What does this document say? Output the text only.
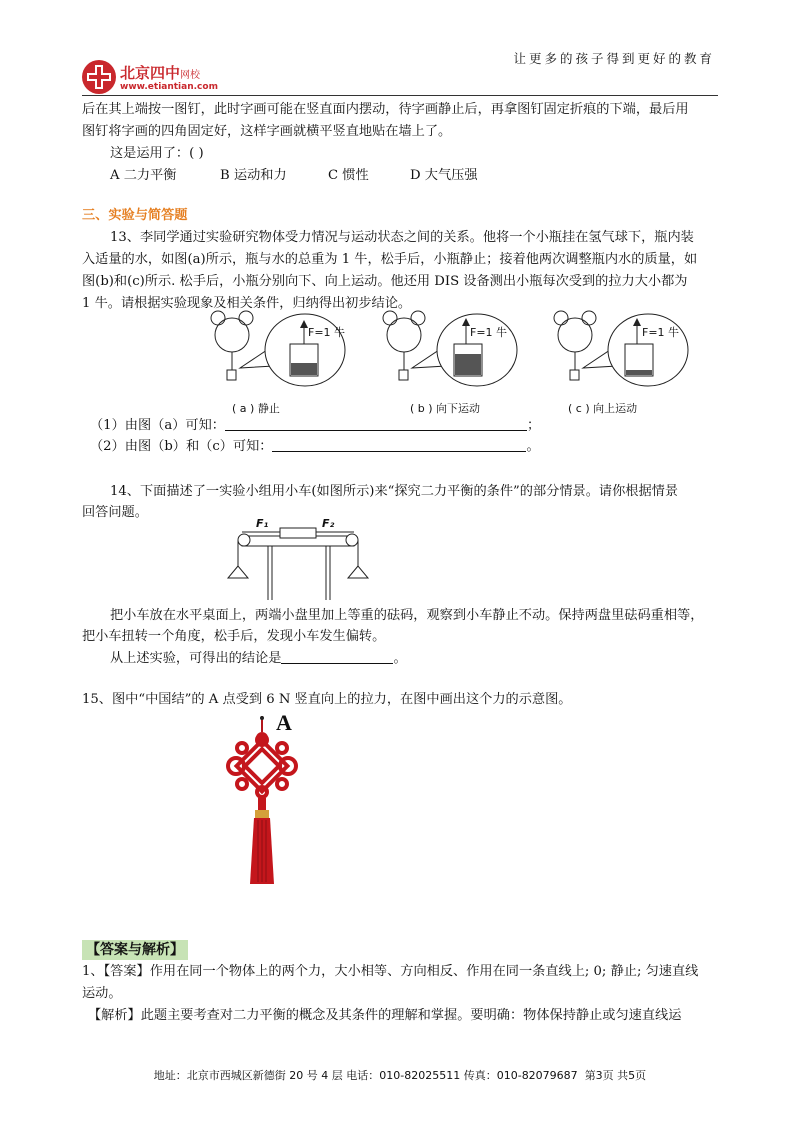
北京四中网校
www.etiantian.com
让更多的孩子得到更好的教育
后在其上端按一图钉，此时字画可能在竖直面内摆动，待字画静止后，再拿图钉固定折痕的下端，最后用
图钉将字画的四角固定好，这样字画就横平竖直地贴在墙上了。
这是运用了：( )
A 二力平衡	B 运动和力	C 惯性	D 大气压强
三、实验与简答题
13、李同学通过实验研究物体受力情况与运动状态之间的关系。他将一个小瓶挂在氢气球下，瓶内装
入适量的水，如图(a)所示，瓶与水的总重为 1 牛，松手后，小瓶静止；接着他两次调整瓶内水的质量，如
图(b)和(c)所示. 松手后，小瓶分别向下、向上运动。他还用 DIS 设备测出小瓶每次受到的拉力大小都为
1 牛。请根据实验现象及相关条件，归纳得出初步结论。
F=1 牛	F=1 牛	F=1 牛
( a ) 静止	( b ) 向下运动	( c ) 向上运动
（1）由图（a）可知：	；
（2）由图（b）和（c）可知：	。
14、下面描述了一实验小组用小车(如图所示)来“探究二力平衡的条件”的部分情景。请你根据情景
回答问题。
F₁	F₂
把小车放在水平桌面上，两端小盘里加上等重的砝码，观察到小车静止不动。保持两盘里砝码重相等，
把小车扭转一个角度，松手后，发现小车发生偏转。
从上述实验，可得出的结论是	。
15、图中“中国结”的 A 点受到 6 N 竖直向上的拉力，在图中画出这个力的示意图。
A
【答案与解析】
1、【答案】作用在同一个物体上的两个力，大小相等、方向相反、作用在同一条直线上; 0; 静止; 匀速直线
运动。
【解析】此题主要考查对二力平衡的概念及其条件的理解和掌握。要明确：物体保持静止或匀速直线运
地址：北京市西城区新德街 20 号 4 层 电话：010-82025511 传真：010-82079687 第3页 共5页
